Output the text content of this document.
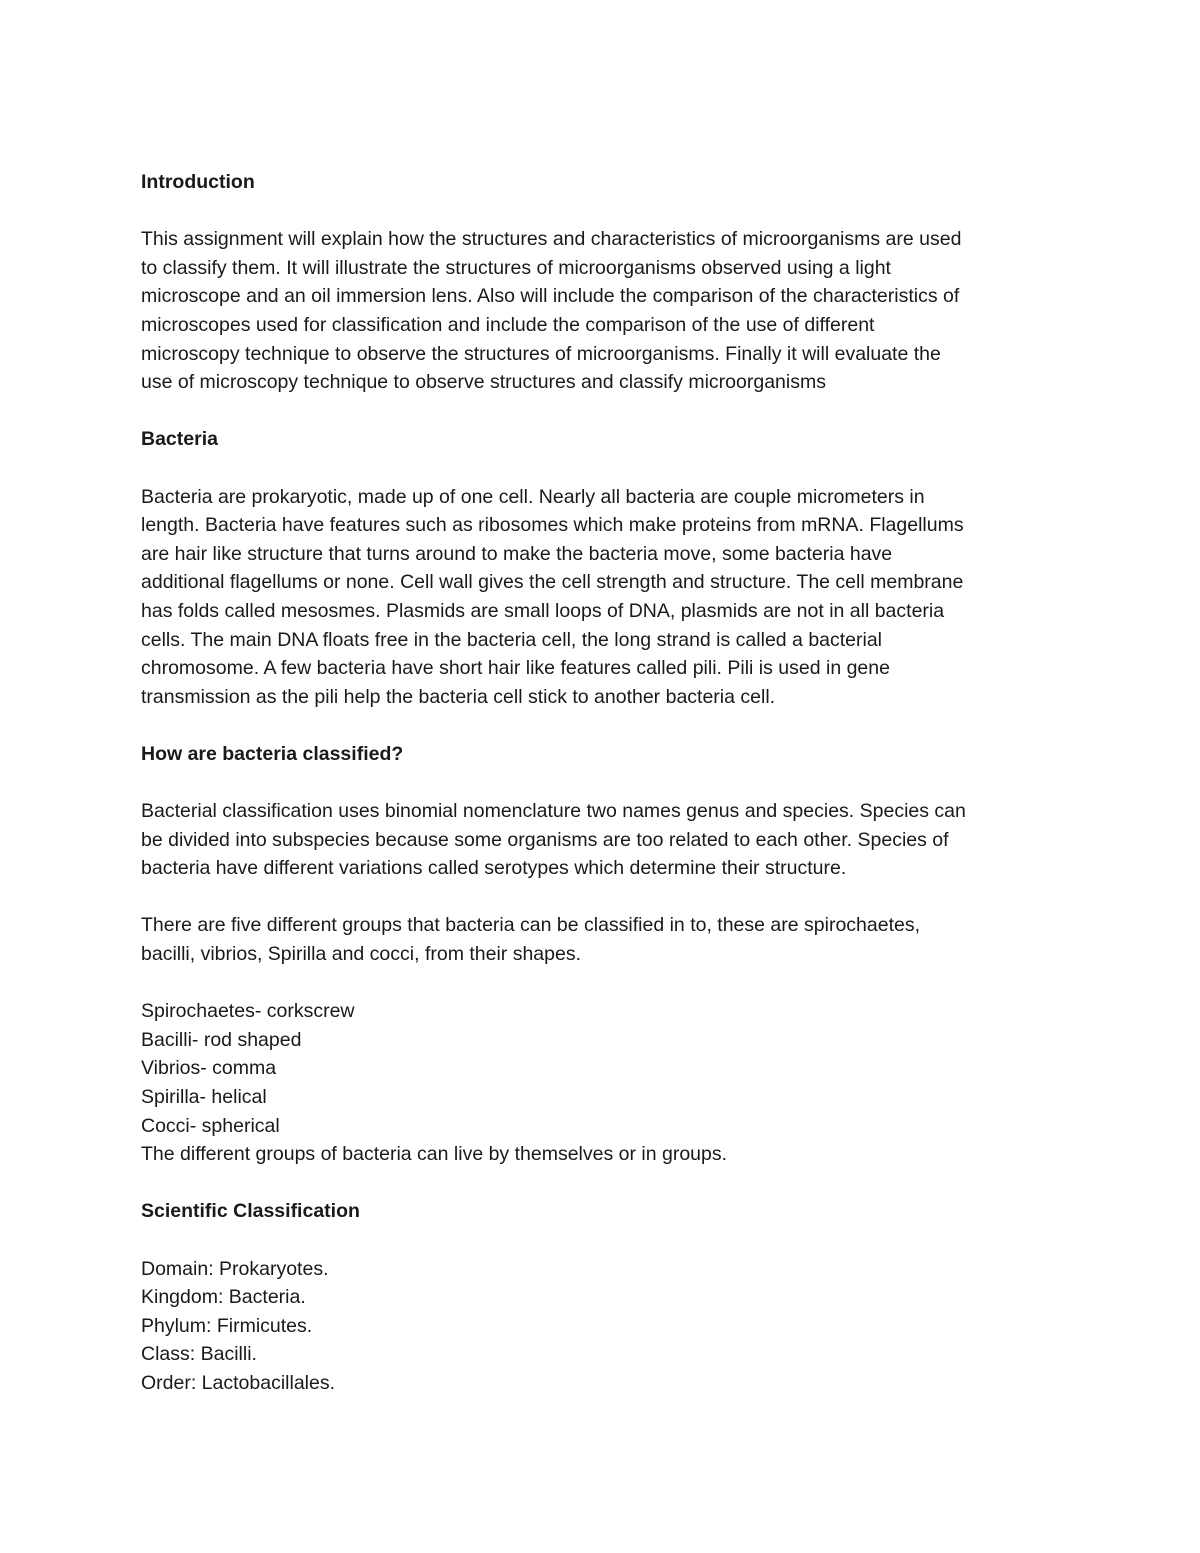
Introduction
This assignment will explain how the structures and characteristics of microorganisms are used
to classify them. It will illustrate the structures of microorganisms observed using a light
microscope and an oil immersion lens. Also will include the comparison of the characteristics of
microscopes used for classification and include the comparison of the use of different
microscopy technique to observe the structures of microorganisms. Finally it will evaluate the
use of microscopy technique to observe structures and classify microorganisms
Bacteria
Bacteria are prokaryotic, made up of one cell. Nearly all bacteria are couple micrometers in
length. Bacteria have features such as ribosomes which make proteins from mRNA. Flagellums
are hair like structure that turns around to make the bacteria move, some bacteria have
additional flagellums or none. Cell wall gives the cell strength and structure. The cell membrane
has folds called mesosmes. Plasmids are small loops of DNA, plasmids are not in all bacteria
cells. The main DNA floats free in the bacteria cell, the long strand is called a bacterial
chromosome. A few bacteria have short hair like features called pili. Pili is used in gene
transmission as the pili help the bacteria cell stick to another bacteria cell.
How are bacteria classified?
Bacterial classification uses binomial nomenclature two names genus and species. Species can
be divided into subspecies because some organisms are too related to each other. Species of
bacteria have different variations called serotypes which determine their structure.
There are five different groups that bacteria can be classified in to, these are spirochaetes,
bacilli, vibrios, Spirilla and cocci, from their shapes.
Spirochaetes- corkscrew
Bacilli- rod shaped
Vibrios- comma
Spirilla- helical
Cocci- spherical
The different groups of bacteria can live by themselves or in groups.
Scientific Classification
Domain: Prokaryotes.
Kingdom: Bacteria.
Phylum: Firmicutes.
Class: Bacilli.
Order: Lactobacillales.
